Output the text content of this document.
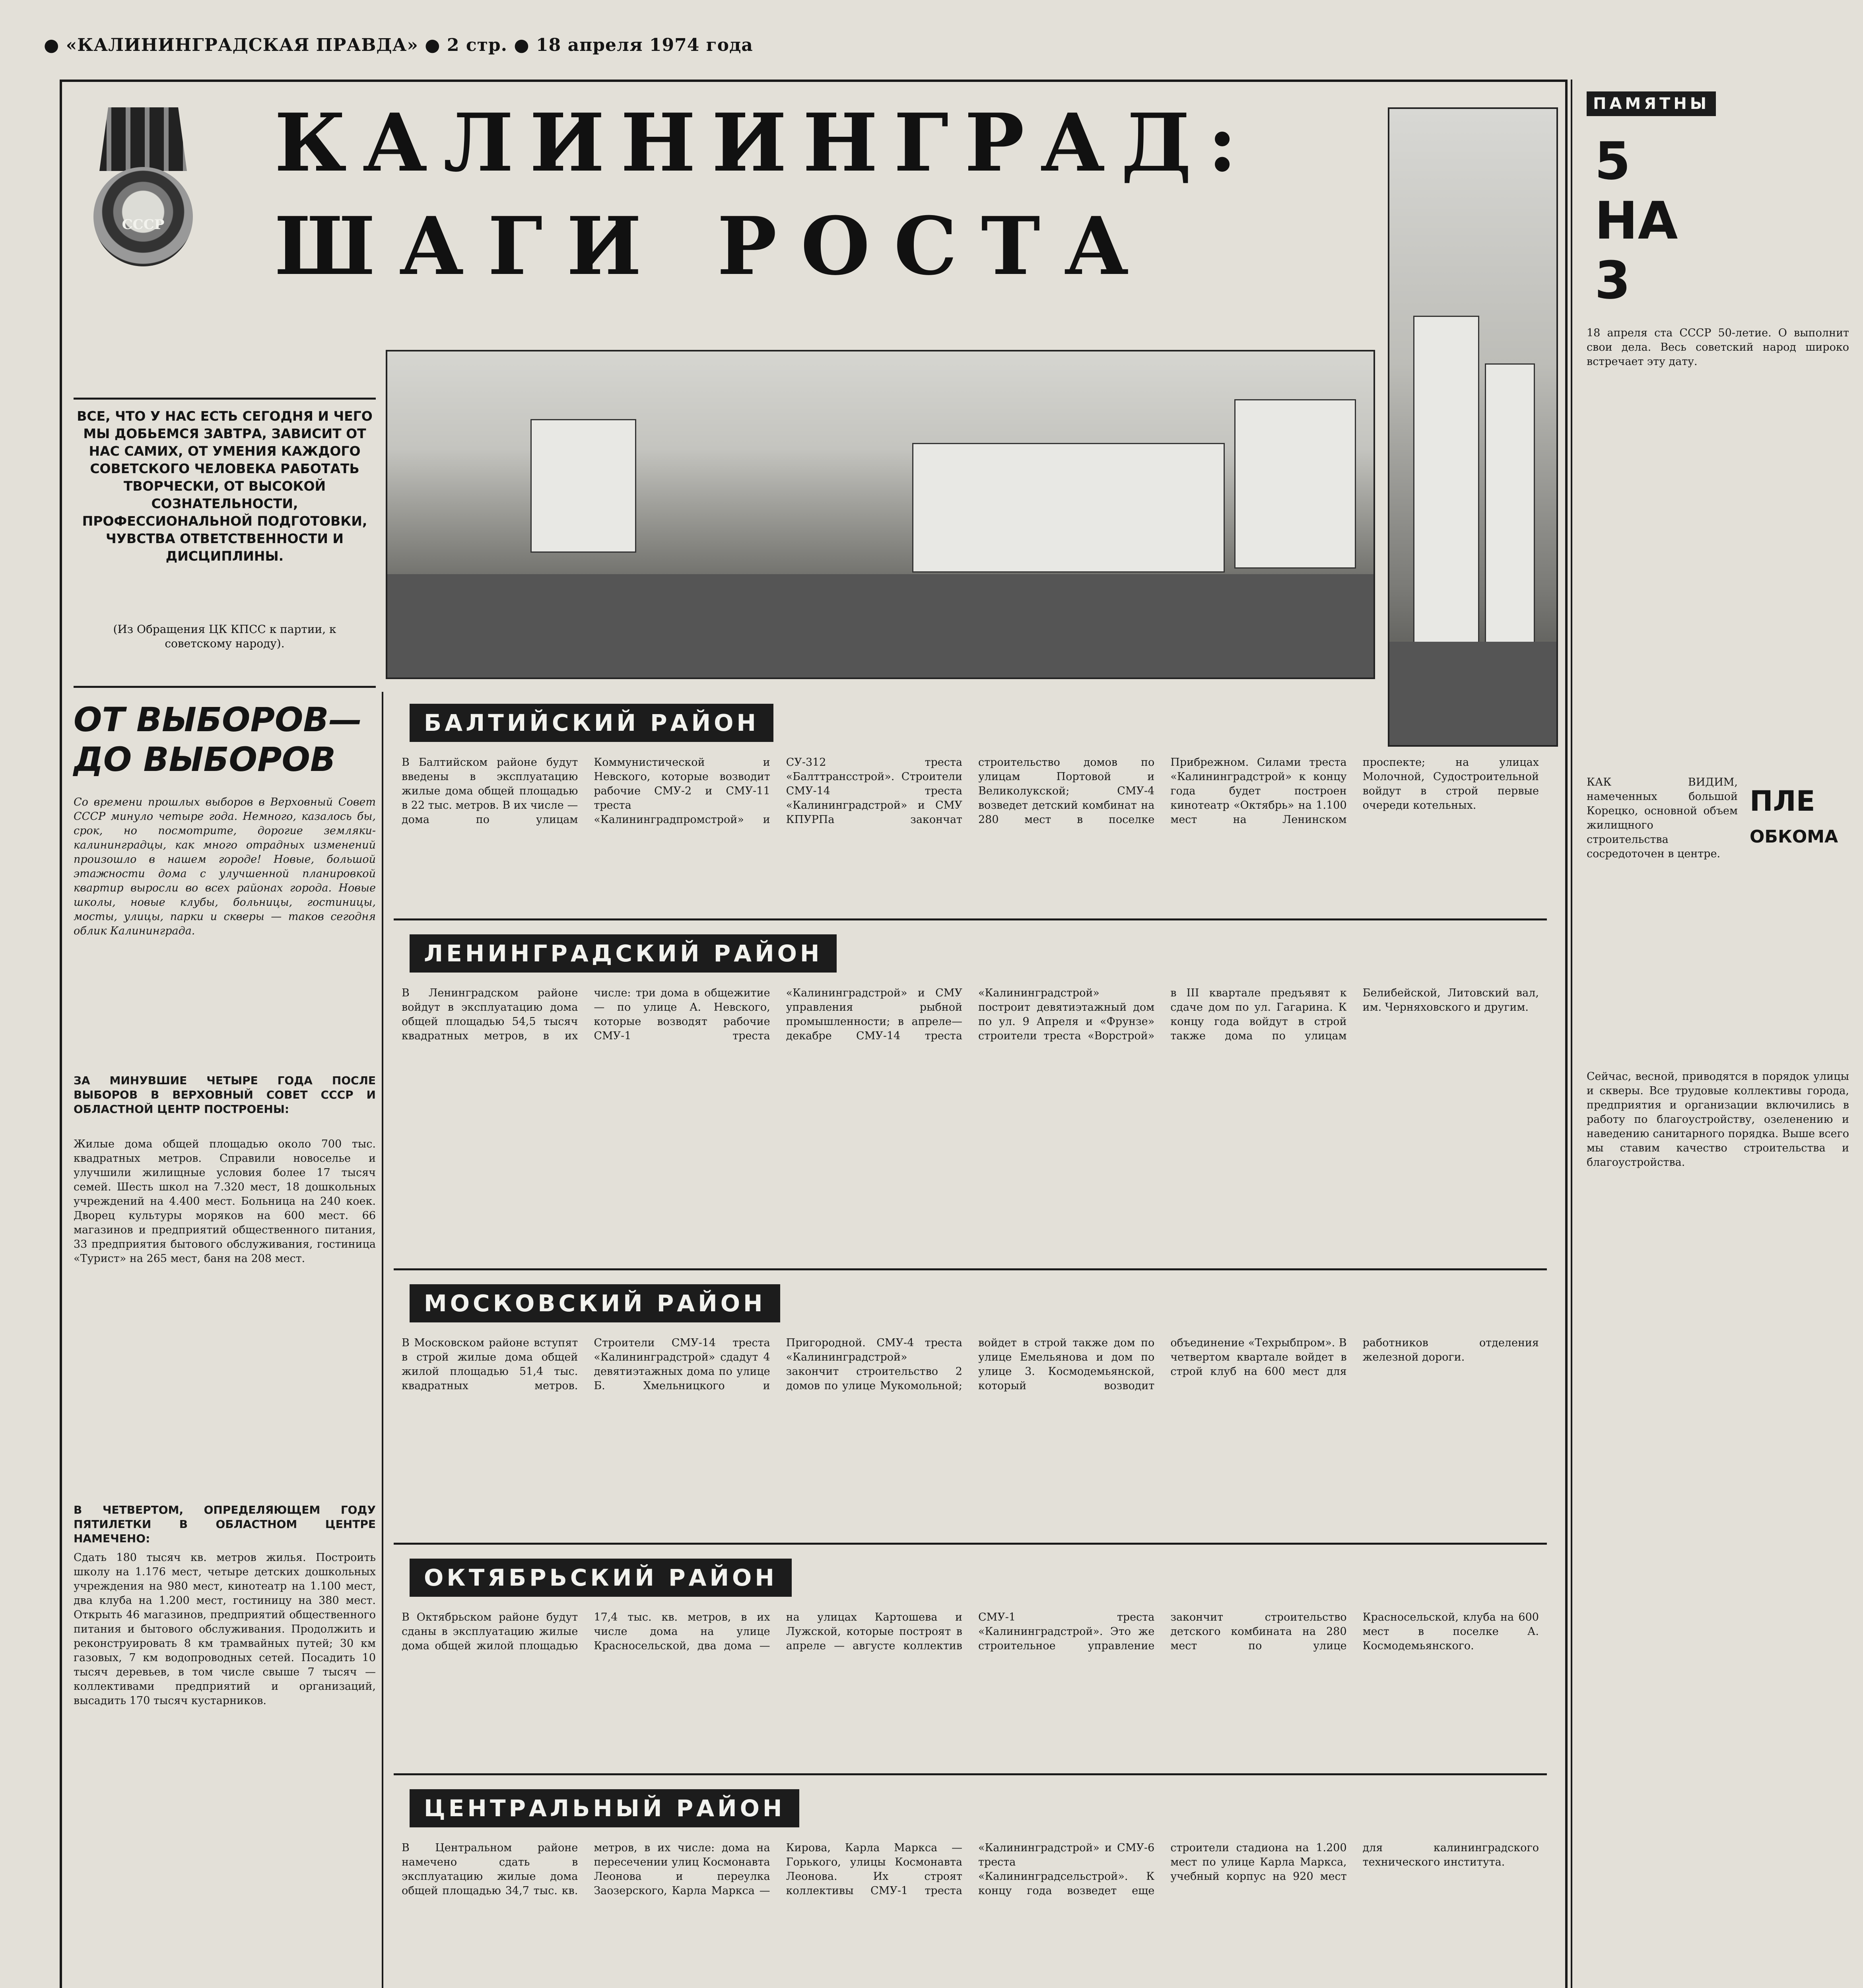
● «КАЛИНИНГРАДСКАЯ ПРАВДА» ● 2 стр. ● 18 апреля 1974 года
СССР
КАЛИНИНГРАД:
ШАГИ РОСТА
ВСЕ, ЧТО У НАС ЕСТЬ СЕГОДНЯ И ЧЕГО МЫ ДОБЬЕМСЯ ЗАВТРА, ЗАВИСИТ ОТ НАС САМИХ, ОТ УМЕНИЯ КАЖДОГО СОВЕТСКОГО ЧЕЛОВЕКА РАБОТАТЬ ТВОРЧЕСКИ, ОТ ВЫСОКОЙ СОЗНАТЕЛЬНОСТИ, ПРОФЕССИОНАЛЬНОЙ ПОДГОТОВКИ, ЧУВСТВА ОТВЕТСТВЕННОСТИ И ДИСЦИПЛИНЫ.
(Из Обращения ЦК КПСС к партии, к советскому народу).
ОТ ВЫБОРОВ—
ДО ВЫБОРОВ
Со времени прошлых выборов в Верховный Совет СССР минуло четыре года. Немного, казалось бы, срок, но посмотрите, дорогие земляки-калининградцы, как много отрадных изменений произошло в нашем городе! Новые, большой этажности дома с улучшенной планировкой квартир выросли во всех районах города. Новые школы, новые клубы, больницы, гостиницы, мосты, улицы, парки и скверы — таков сегодня облик Калининграда.
ЗА МИНУВШИЕ ЧЕТЫРЕ ГОДА ПОСЛЕ ВЫБОРОВ В ВЕРХОВНЫЙ СОВЕТ СССР И ОБЛАСТНОЙ ЦЕНТР ПОСТРОЕНЫ:
Жилые дома общей площадью около 700 тыс. квадратных метров. Справили новоселье и улучшили жилищные условия более 17 тысяч семей. Шесть школ на 7.320 мест, 18 дошкольных учреждений на 4.400 мест. Больница на 240 коек. Дворец культуры моряков на 600 мест. 66 магазинов и предприятий общественного питания, 33 предприятия бытового обслуживания, гостиница «Турист» на 265 мест, баня на 208 мест.
В ЧЕТВЕРТОМ, ОПРЕДЕЛЯЮЩЕМ ГОДУ ПЯТИЛЕТКИ В ОБЛАСТНОМ ЦЕНТРЕ НАМЕЧЕНО:
Сдать 180 тысяч кв. метров жилья. Построить школу на 1.176 мест, четыре детских дошкольных учреждения на 980 мест, кинотеатр на 1.100 мест, два клуба на 1.200 мест, гостиницу на 380 мест. Открыть 46 магазинов, предприятий общественного питания и бытового обслуживания. Продолжить и реконструировать 8 км трамвайных путей; 30 км газовых, 7 км водопроводных сетей. Посадить 10 тысяч деревьев, в том числе свыше 7 тысяч — коллективами предприятий и организаций, высадить 170 тысяч кустарников.
БАЛТИЙСКИЙ РАЙОН
В Балтийском районе будут введены в эксплуатацию жилые дома общей площадью в 22 тыс. метров. В их числе — дома по улицам Коммунистической и Невского, которые возводит рабочие СМУ-2 и СМУ-11 треста «Калининградпромстрой» и СУ-312 треста «Балттрансстрой». Строители СМУ-14 треста «Калининградстрой» и СМУ КПУРПа закончат строительство домов по улицам Портовой и Великолукской; СМУ-4 возведет детский комбинат на 280 мест в поселке Прибрежном. Силами треста «Калининградстрой» к концу года будет построен кинотеатр «Октябрь» на 1.100 мест на Ленинском проспекте; на улицах Молочной, Судостроительной войдут в строй первые очереди котельных.
ЛЕНИНГРАДСКИЙ РАЙОН
В Ленинградском районе войдут в эксплуатацию дома общей площадью 54,5 тысяч квадратных метров, в их числе: три дома в общежитие — по улице А. Невского, которые возводят рабочие СМУ-1 треста «Калининградстрой» и СМУ управления рыбной промышленности; в апреле—декабре СМУ-14 треста «Калининградстрой» построит девятиэтажный дом по ул. 9 Апреля и «Фрунзе» строители треста «Ворстрой» в III квартале предъявят к сдаче дом по ул. Гагарина. К концу года войдут в строй также дома по улицам Белибейской, Литовский вал, им. Черняховского и другим.
МОСКОВСКИЙ РАЙОН
В Московском районе вступят в строй жилые дома общей жилой площадью 51,4 тыс. квадратных метров. Строители СМУ-14 треста «Калининградстрой» сдадут 4 девятиэтажных дома по улице Б. Хмельницкого и Пригородной. СМУ-4 треста «Калининградстрой» закончит строительство 2 домов по улице Мукомольной; войдет в строй также дом по улице Емельянова и дом по улице 3. Космодемьянской, который возводит объединение «Техрыбпром». В четвертом квартале войдет в строй клуб на 600 мест для работников отделения железной дороги.
ОКТЯБРЬСКИЙ РАЙОН
В Октябрьском районе будут сданы в эксплуатацию жилые дома общей жилой площадью 17,4 тыс. кв. метров, в их числе дома на улице Красносельской, два дома — на улицах Картошева и Лужской, которые построят в апреле — августе коллектив СМУ-1 треста «Калининградстрой». Это же строительное управление закончит строительство детского комбината на 280 мест по улице Красносельской, клуба на 600 мест в поселке А. Космодемьянского.
ЦЕНТРАЛЬНЫЙ РАЙОН
В Центральном районе намечено сдать в эксплуатацию жилые дома общей площадью 34,7 тыс. кв. метров, в их числе: дома на пересечении улиц Космонавта Леонова и переулка Заозерского, Карла Маркса — Кирова, Карла Маркса — Горького, улицы Космонавта Леонова. Их строят коллективы СМУ-1 треста «Калининградстрой» и СМУ-6 треста «Калининградсельстрой». К концу года возведет еще строители стадиона на 1.200 мест по улице Карла Маркса, учебный корпус на 920 мест для калининградского технического института.
ПАМЯТНЫ
5
НА
3
18 апреля ста СССР 50-летие. О выполнит свои дела. Весь советский народ широко встречает эту дату.
КАК ВИДИМ, намеченных большой Корецко, основной объем жилищного строительства сосредоточен в центре.
ПЛЕ
ОБКОМА
Сейчас, весной, приводятся в порядок улицы и скверы. Все трудовые коллективы города, предприятия и организации включились в работу по благоустройству, озеленению и наведению санитарного порядка. Выше всего мы ставим качество строительства и благоустройства.
